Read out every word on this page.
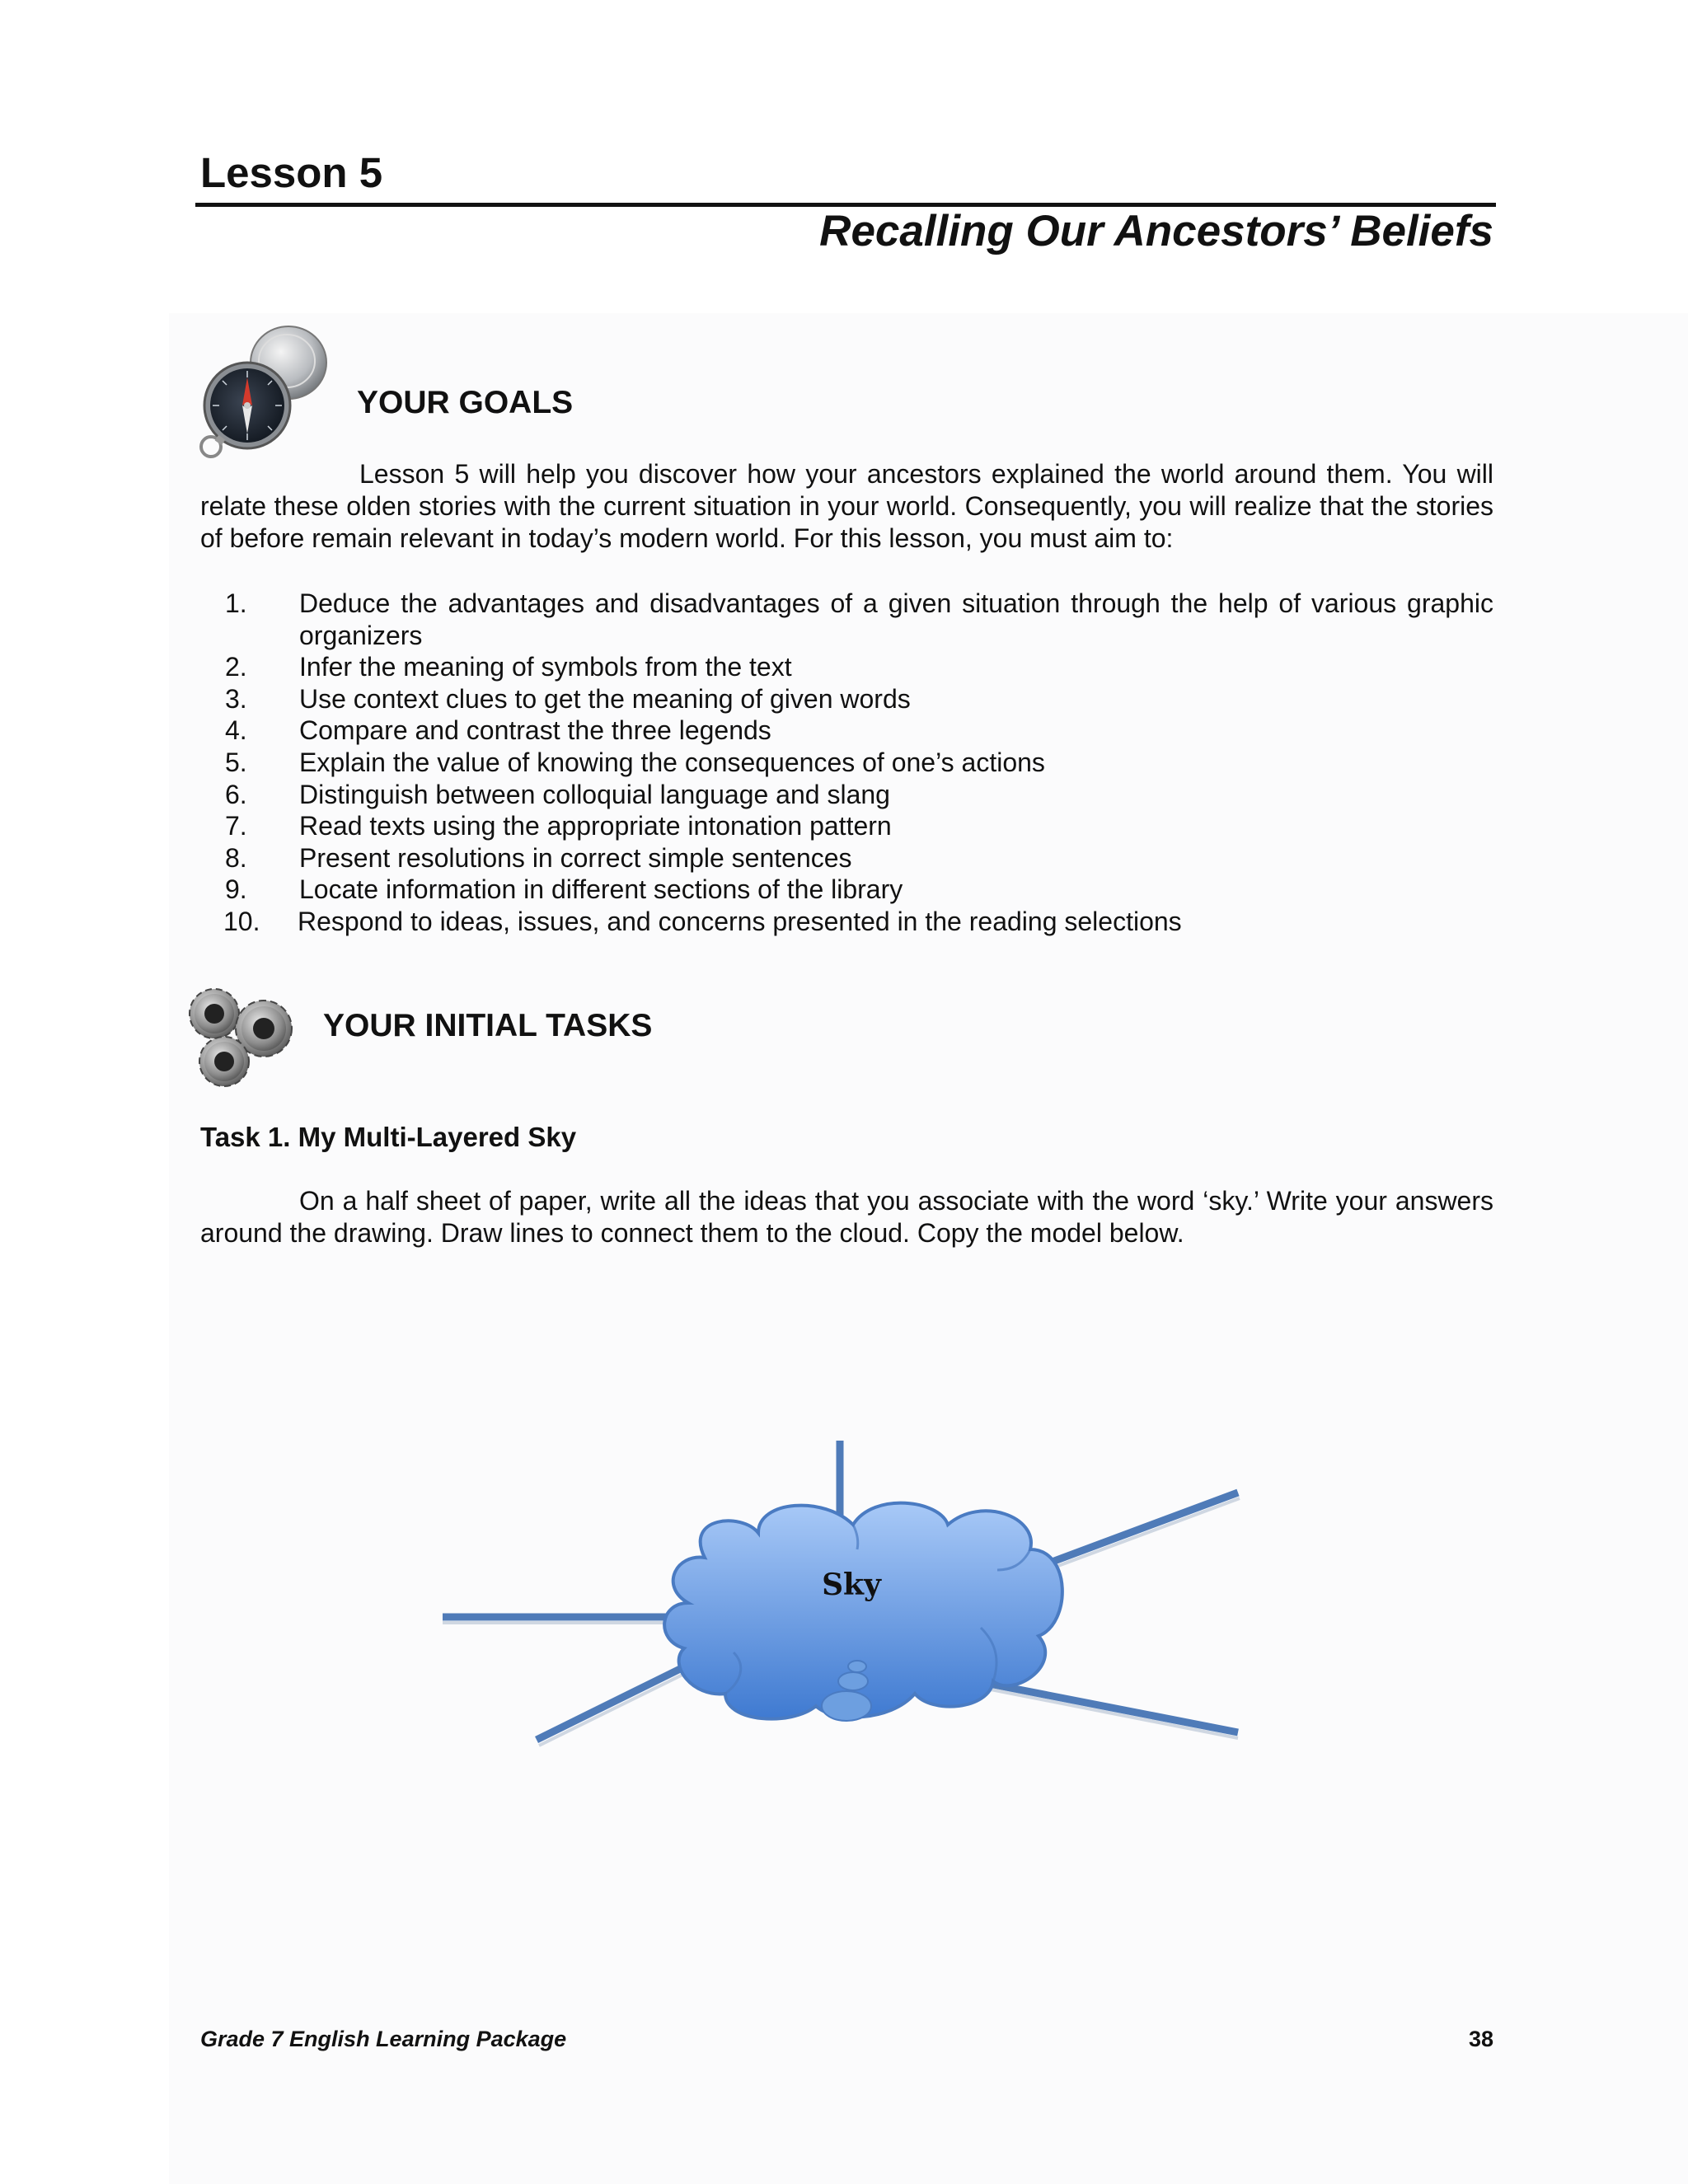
Lesson 5
Recalling Our Ancestors’ Beliefs
YOUR GOALS

Lesson 5 will help you discover how your ancestors explained the world around them. You will relate these olden stories with the current situation in your world. Consequently, you will realize that the stories of before remain relevant in today’s modern world. For this lesson, you must aim to:

1.	Deduce the advantages and disadvantages of a given situation through the help of various graphic organizers
2.	Infer the meaning of symbols from the text
3.	Use context clues to get the meaning of given words
4.	Compare and contrast the three legends
5.	Explain the value of knowing the consequences of one’s actions
6.	Distinguish between colloquial language and slang
7.	Read texts using the appropriate intonation pattern
8.	Present resolutions in correct simple sentences
9.	Locate information in different sections of the library
10.	Respond to ideas, issues, and concerns presented in the reading selections
YOUR INITIAL TASKS
Task 1. My Multi-Layered Sky

On a half sheet of paper, write all the ideas that you associate with the word ‘sky.’ Write your answers around the drawing. Draw lines to connect them to the cloud. Copy the model below.

Sky

Grade 7 English Learning Package	38
